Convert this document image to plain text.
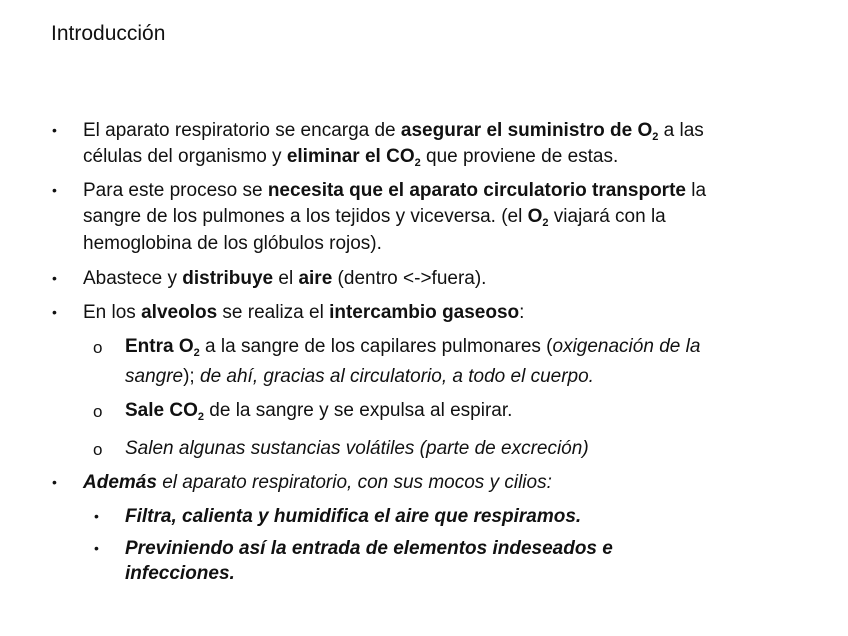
Introducción
• El aparato respiratorio se encarga de asegurar el suministro de $O_2$ a las
células del organismo y eliminar el $CO_2$ que proviene de estas.
• Para este proceso se necesita que el aparato circulatorio transporte la
sangre de los pulmones a los tejidos y viceversa. (el $O_2$ viajará con la
hemoglobina de los glóbulos rojos).
• Abastece y distribuye el aire (dentro <->fuera).
• En los alveolos se realiza el intercambio gaseoso:
o Entra $O_2$ a la sangre de los capilares pulmonares (oxigenación de la
sangre); de ahí, gracias al circulatorio, a todo el cuerpo.
o Sale $CO_2$ de la sangre y se expulsa al espirar.
o Salen algunas sustancias volátiles (parte de excreción)
• Además el aparato respiratorio, con sus mocos y cilios:
• Filtra, calienta y humidifica el aire que respiramos.
• Previniendo así la entrada de elementos indeseados e
infecciones.
